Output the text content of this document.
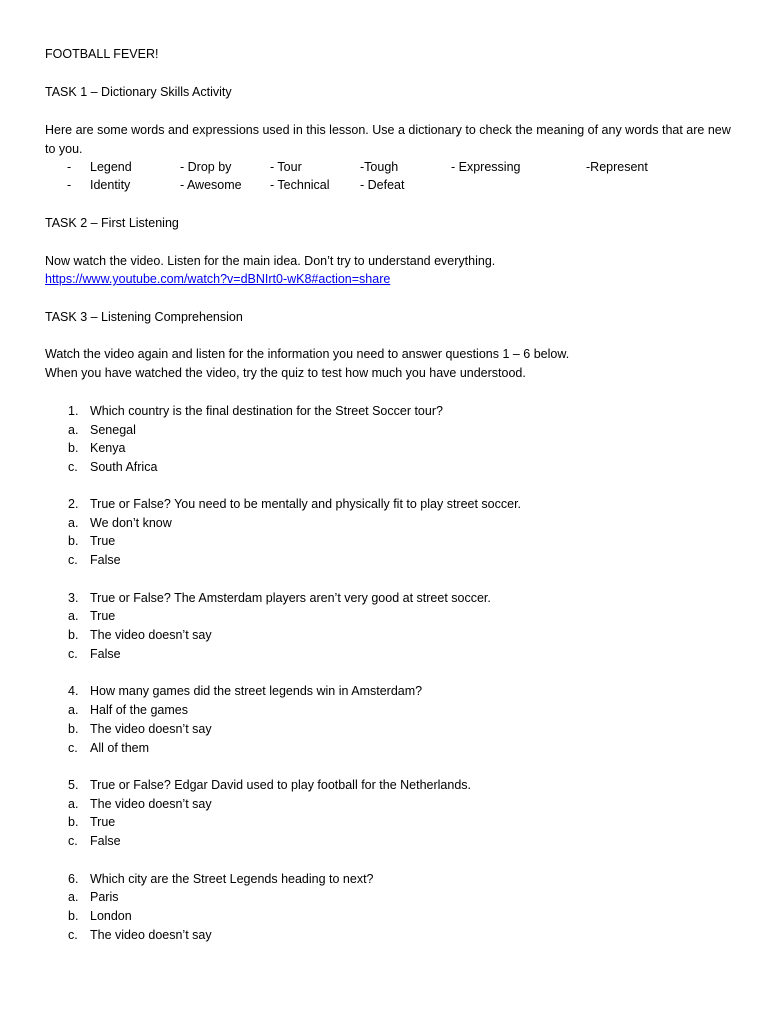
FOOTBALL FEVER!
TASK 1 – Dictionary Skills Activity
Here are some words and expressions used in this lesson. Use a dictionary to check the meaning of any words that are new to you.
- Legend	- Drop by	- Tour	-Tough	- Expressing	-Represent
- Identity	- Awesome - Technical - Defeat
TASK 2 – First Listening
Now watch the video. Listen for the main idea. Don’t try to understand everything.
https://www.youtube.com/watch?v=dBNIrt0-wK8#action=share
TASK 3 – Listening Comprehension
Watch the video again and listen for the information you need to answer questions 1 – 6 below.
When you have watched the video, try the quiz to test how much you have understood.
1. Which country is the final destination for the Street Soccer tour?
a. Senegal
b. Kenya
c. South Africa
2. True or False? You need to be mentally and physically fit to play street soccer.
a. We don’t know
b. True
c. False
3. True or False? The Amsterdam players aren’t very good at street soccer.
a. True
b. The video doesn’t say
c. False
4. How many games did the street legends win in Amsterdam?
a. Half of the games
b. The video doesn’t say
c. All of them
5. True or False? Edgar David used to play football for the Netherlands.
a. The video doesn’t say
b. True
c. False
6. Which city are the Street Legends heading to next?
a. Paris
b. London
c. The video doesn’t say
